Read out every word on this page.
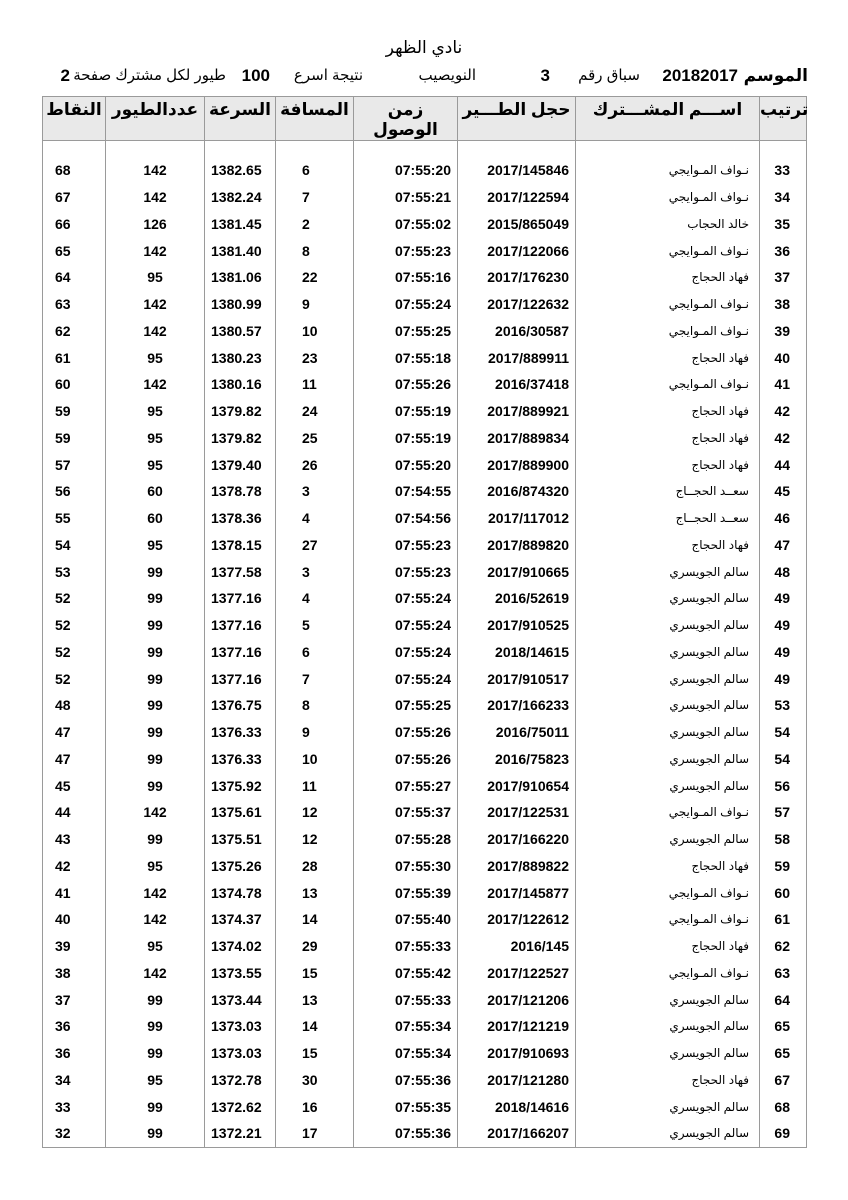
نادي الظهر
الموسم
20182017
سباق رقم
3
النويصيب
نتيجة اسرع
100
طيور لكل مشترك صفحة
2
النقاط	عددالطيور	السرعة	المسافة	زمن الوصول	حجل الطـــير	اســـم المشـــترك	ترتيب

68	142	1382.65	6	07:55:20	2017/145846	نـواف المـوايجي	33
67	142	1382.24	7	07:55:21	2017/122594	نـواف المـوايجي	34
66	126	1381.45	2	07:55:02	2015/865049	خالد الحجاب	35
65	142	1381.40	8	07:55:23	2017/122066	نـواف المـوايجي	36
64	95	1381.06	22	07:55:16	2017/176230	فهاد الحجاج	37
63	142	1380.99	9	07:55:24	2017/122632	نـواف المـوايجي	38
62	142	1380.57	10	07:55:25	2016/30587	نـواف المـوايجي	39
61	95	1380.23	23	07:55:18	2017/889911	فهاد الحجاج	40
60	142	1380.16	11	07:55:26	2016/37418	نـواف المـوايجي	41
59	95	1379.82	24	07:55:19	2017/889921	فهاد الحجاج	42
59	95	1379.82	25	07:55:19	2017/889834	فهاد الحجاج	42
57	95	1379.40	26	07:55:20	2017/889900	فهاد الحجاج	44
56	60	1378.78	3	07:54:55	2016/874320	سعــد الحجــاج	45
55	60	1378.36	4	07:54:56	2017/117012	سعــد الحجــاج	46
54	95	1378.15	27	07:55:23	2017/889820	فهاد الحجاج	47
53	99	1377.58	3	07:55:23	2017/910665	سالم الجويسري	48
52	99	1377.16	4	07:55:24	2016/52619	سالم الجويسري	49
52	99	1377.16	5	07:55:24	2017/910525	سالم الجويسري	49
52	99	1377.16	6	07:55:24	2018/14615	سالم الجويسري	49
52	99	1377.16	7	07:55:24	2017/910517	سالم الجويسري	49
48	99	1376.75	8	07:55:25	2017/166233	سالم الجويسري	53
47	99	1376.33	9	07:55:26	2016/75011	سالم الجويسري	54
47	99	1376.33	10	07:55:26	2016/75823	سالم الجويسري	54
45	99	1375.92	11	07:55:27	2017/910654	سالم الجويسري	56
44	142	1375.61	12	07:55:37	2017/122531	نـواف المـوايجي	57
43	99	1375.51	12	07:55:28	2017/166220	سالم الجويسري	58
42	95	1375.26	28	07:55:30	2017/889822	فهاد الحجاج	59
41	142	1374.78	13	07:55:39	2017/145877	نـواف المـوايجي	60
40	142	1374.37	14	07:55:40	2017/122612	نـواف المـوايجي	61
39	95	1374.02	29	07:55:33	2016/145	فهاد الحجاج	62
38	142	1373.55	15	07:55:42	2017/122527	نـواف المـوايجي	63
37	99	1373.44	13	07:55:33	2017/121206	سالم الجويسري	64
36	99	1373.03	14	07:55:34	2017/121219	سالم الجويسري	65
36	99	1373.03	15	07:55:34	2017/910693	سالم الجويسري	65
34	95	1372.78	30	07:55:36	2017/121280	فهاد الحجاج	67
33	99	1372.62	16	07:55:35	2018/14616	سالم الجويسري	68
32	99	1372.21	17	07:55:36	2017/166207	سالم الجويسري	69
